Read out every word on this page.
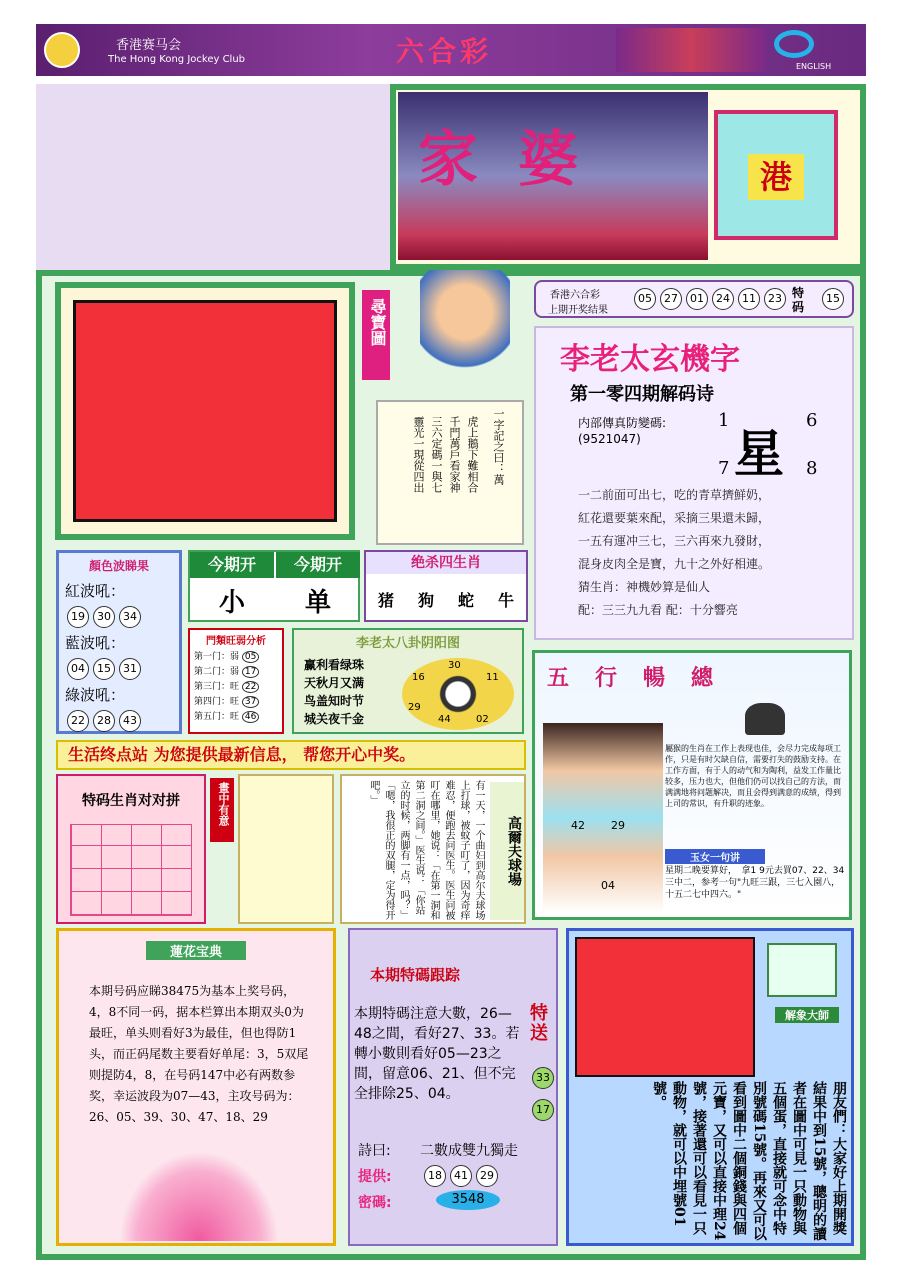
香港赛马会
The Hong Kong Jockey Club	六合彩	ENGLISH
家婆	港
尋寶圖
一字記之曰：萬
虎上鵝下難相合
千門萬戶看家神
三六定碼一與七
靈光一現從四出
香港六合彩
上期开奖结果
05 27 01 24 11 23 特码
15
李老太玄機字
第一零四期解码诗
内部傳真防變碼:
(9521047)
1	6
星
7	8
一二前面可出七，吃的青草擠鮮奶，
紅花還要葉來配，采摘三果還未歸，
一五有運冲三七，三六再來九發財，
混身皮肉全是寶，九十之外好相連。
猜生肖：神機妙算是仙人
配：三三九九看 配：十分響亮
顏色波睇果
紅波吼：
19 30 34
藍波吼：
04 15 31
綠波吼：
22 28 43
今期开	今期开
小	单
绝杀四生肖
猪 狗 蛇 牛
門類旺弱分析
第一门：弱 05
第二门：弱 17
第三门：旺 22
第四门：旺 37
第五门：旺 46
李老太八卦阴阳图
赢利看绿珠
天秋月又满
鸟盖知时节
城关夜千金
16
30
11
29
44	02
生活终点站 为您提供最新信息， 帮您开心中奖。
特码生肖对对拼	畫中有意	有一天，一个曲妇到高尔夫球场上打球，被蚊子叮了，因为奇痒难忍，便跑去问医生。医生问被叮在哪里，她说：「在第一洞和第二洞之间。」医生说：「你站立的时候，两脚有一点，吗？」「嗯，我很正的双腿，定为得开吧。」
高爾夫球場
五行暢總
42 29
04
屬猴的生肖在工作上表现也佳，会尽力完成每项工作，只是有时欠缺自信，需要打失的鼓励支持。在工作方面，有于人的动气和为陶利，益发工作量比较多，压力也大，但他们仍可以找自己的方法，而满满地将问题解决，而且会得到满意的成绩，得到上司的常识，有升职的迹象。
玉女一句讲
星期二晚要算好，　拿1 9元去買07、22、34三中二，参考一句"九旺三跟，三七入園八，十五二七中四六。"
蓮花宝典
本期号码应睇38475为基本上奖号码，4，8不同一码，据本栏算出本期双头0为最旺，单头则看好3为最佳，但也得防1头，而正码尾数主要看好单尾：3，5双尾则提防4，8，在号码147中必有两数参奖，幸运波段为07—43，主攻号码为：26、05、39、30、47、18、29
本期特碼跟踪
本期特碼注意大數，26—48之間，看好27、33。若轉小數則看好05—23之間，留意06、21、但不完全排除25、04。
特送
33
17
詩曰: 二數成雙九獨走
提供:	18 41 29
密碼:	3548
解象大師
朋友們：大家好上期開獎結果中到15號，聰明的讀者在圖中可見一只動物與五個蛋，直接就可念中特別號碼15號。再來又可以看到圖中二個銅錢與四個元寶，又可以直接中理24號，接著還可以看見一只動物，就可以中埋號01號。
